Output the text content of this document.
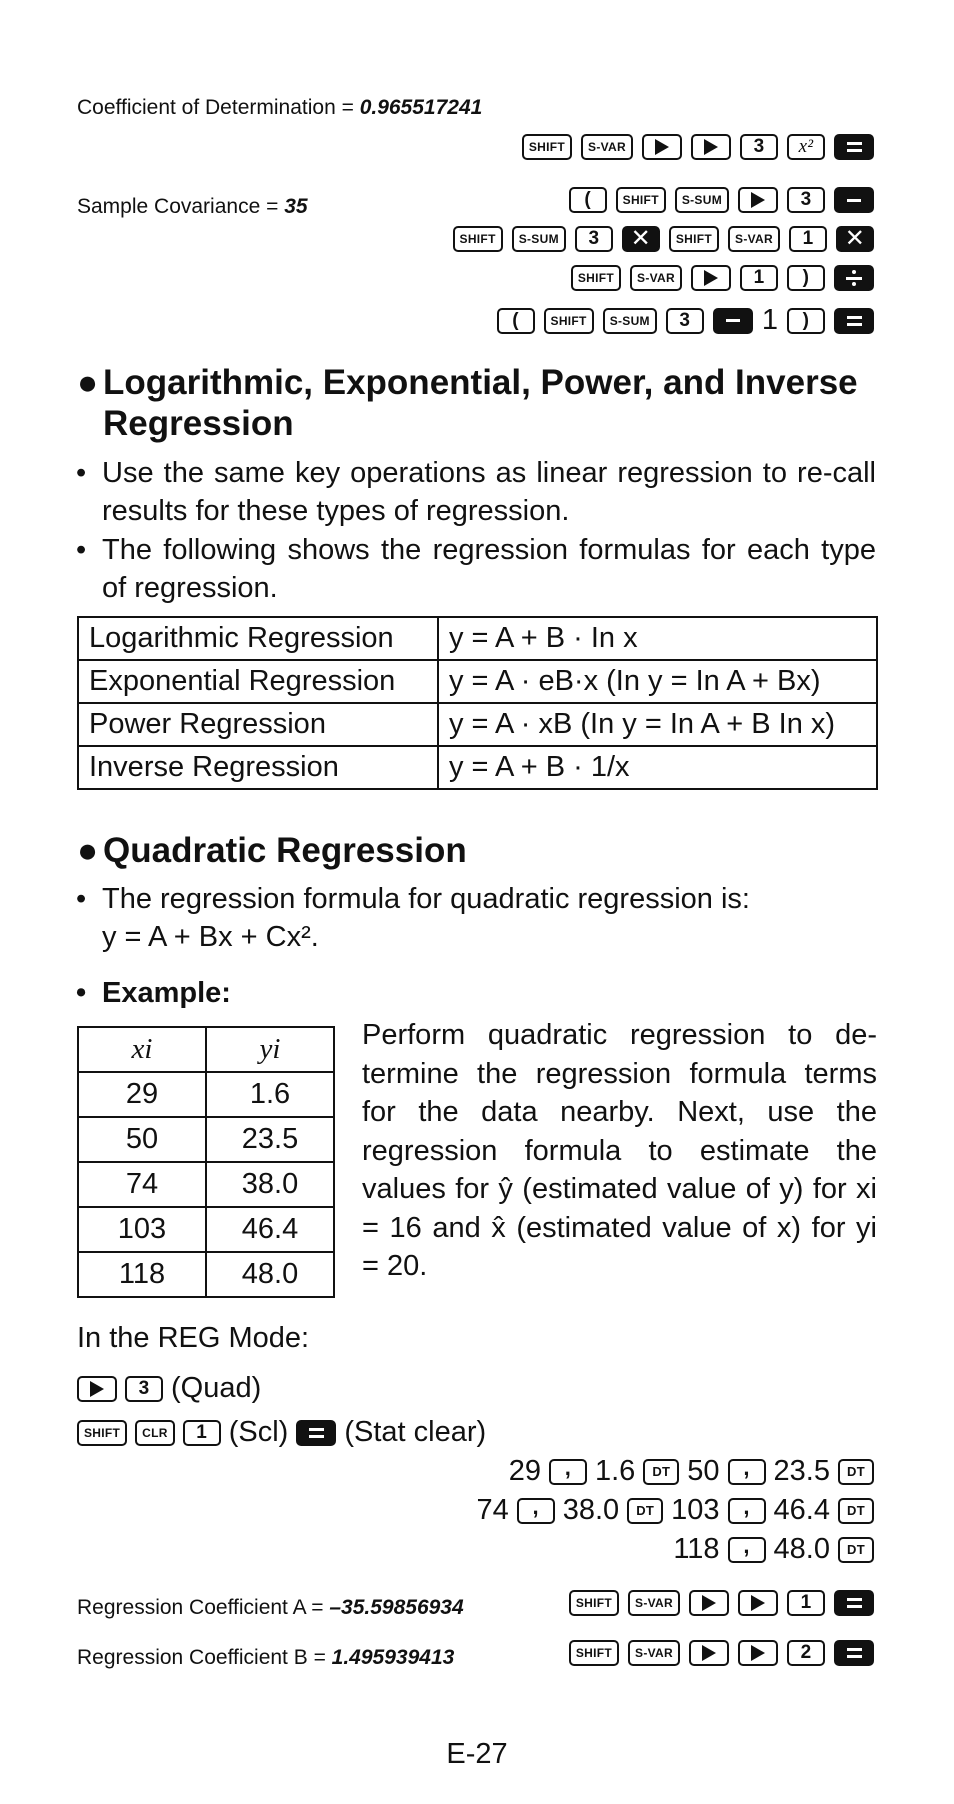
Coefficient of Determination = 0.965517241
SHIFT	S-VAR	3	x²
Sample Covariance = 35	(	SHIFT	S-SUM	3
SHIFT	S-SUM	3	✕	SHIFT	S-VAR	1	✕
SHIFT	S-VAR	1	)
(	SHIFT	S-SUM	3	1	)
● Logarithmic, Exponential, Power, and Inverse
Regression
• Use the same key operations as linear regression to re-call results for these types of regression.
• The following shows the regression formulas for each type of regression.
Logarithmic Regression	y = A + B · In x
Exponential Regression	y = A · eB·x (In y = In A + Bx)
Power Regression	y = A · xB (In y = In A + B In x)
Inverse Regression	y = A + B · 1/x
● Quadratic Regression
• The regression formula for quadratic regression is:
y = A + Bx + Cx².
• Example:
xi	yi
29	1.6
50	23.5
74	38.0
103	46.4
118	48.0
Perform quadratic regression to de-termine the regression formula terms for the data nearby. Next, use the regression formula to estimate the values for ŷ (estimated value of y) for xi = 16 and x̂ (estimated value of x) for yi = 20.
In the REG Mode:
3 (Quad)
SHIFT	CLR	1 (Scl) (Stat clear)
29 , 1.6	DT 50 , 23.5	DT
74 , 38.0	DT 103 , 46.4	DT
118 , 48.0	DT
Regression Coefficient A = –35.59856934	SHIFT	S-VAR	1
Regression Coefficient B = 1.495939413	SHIFT	S-VAR	2
E-27
